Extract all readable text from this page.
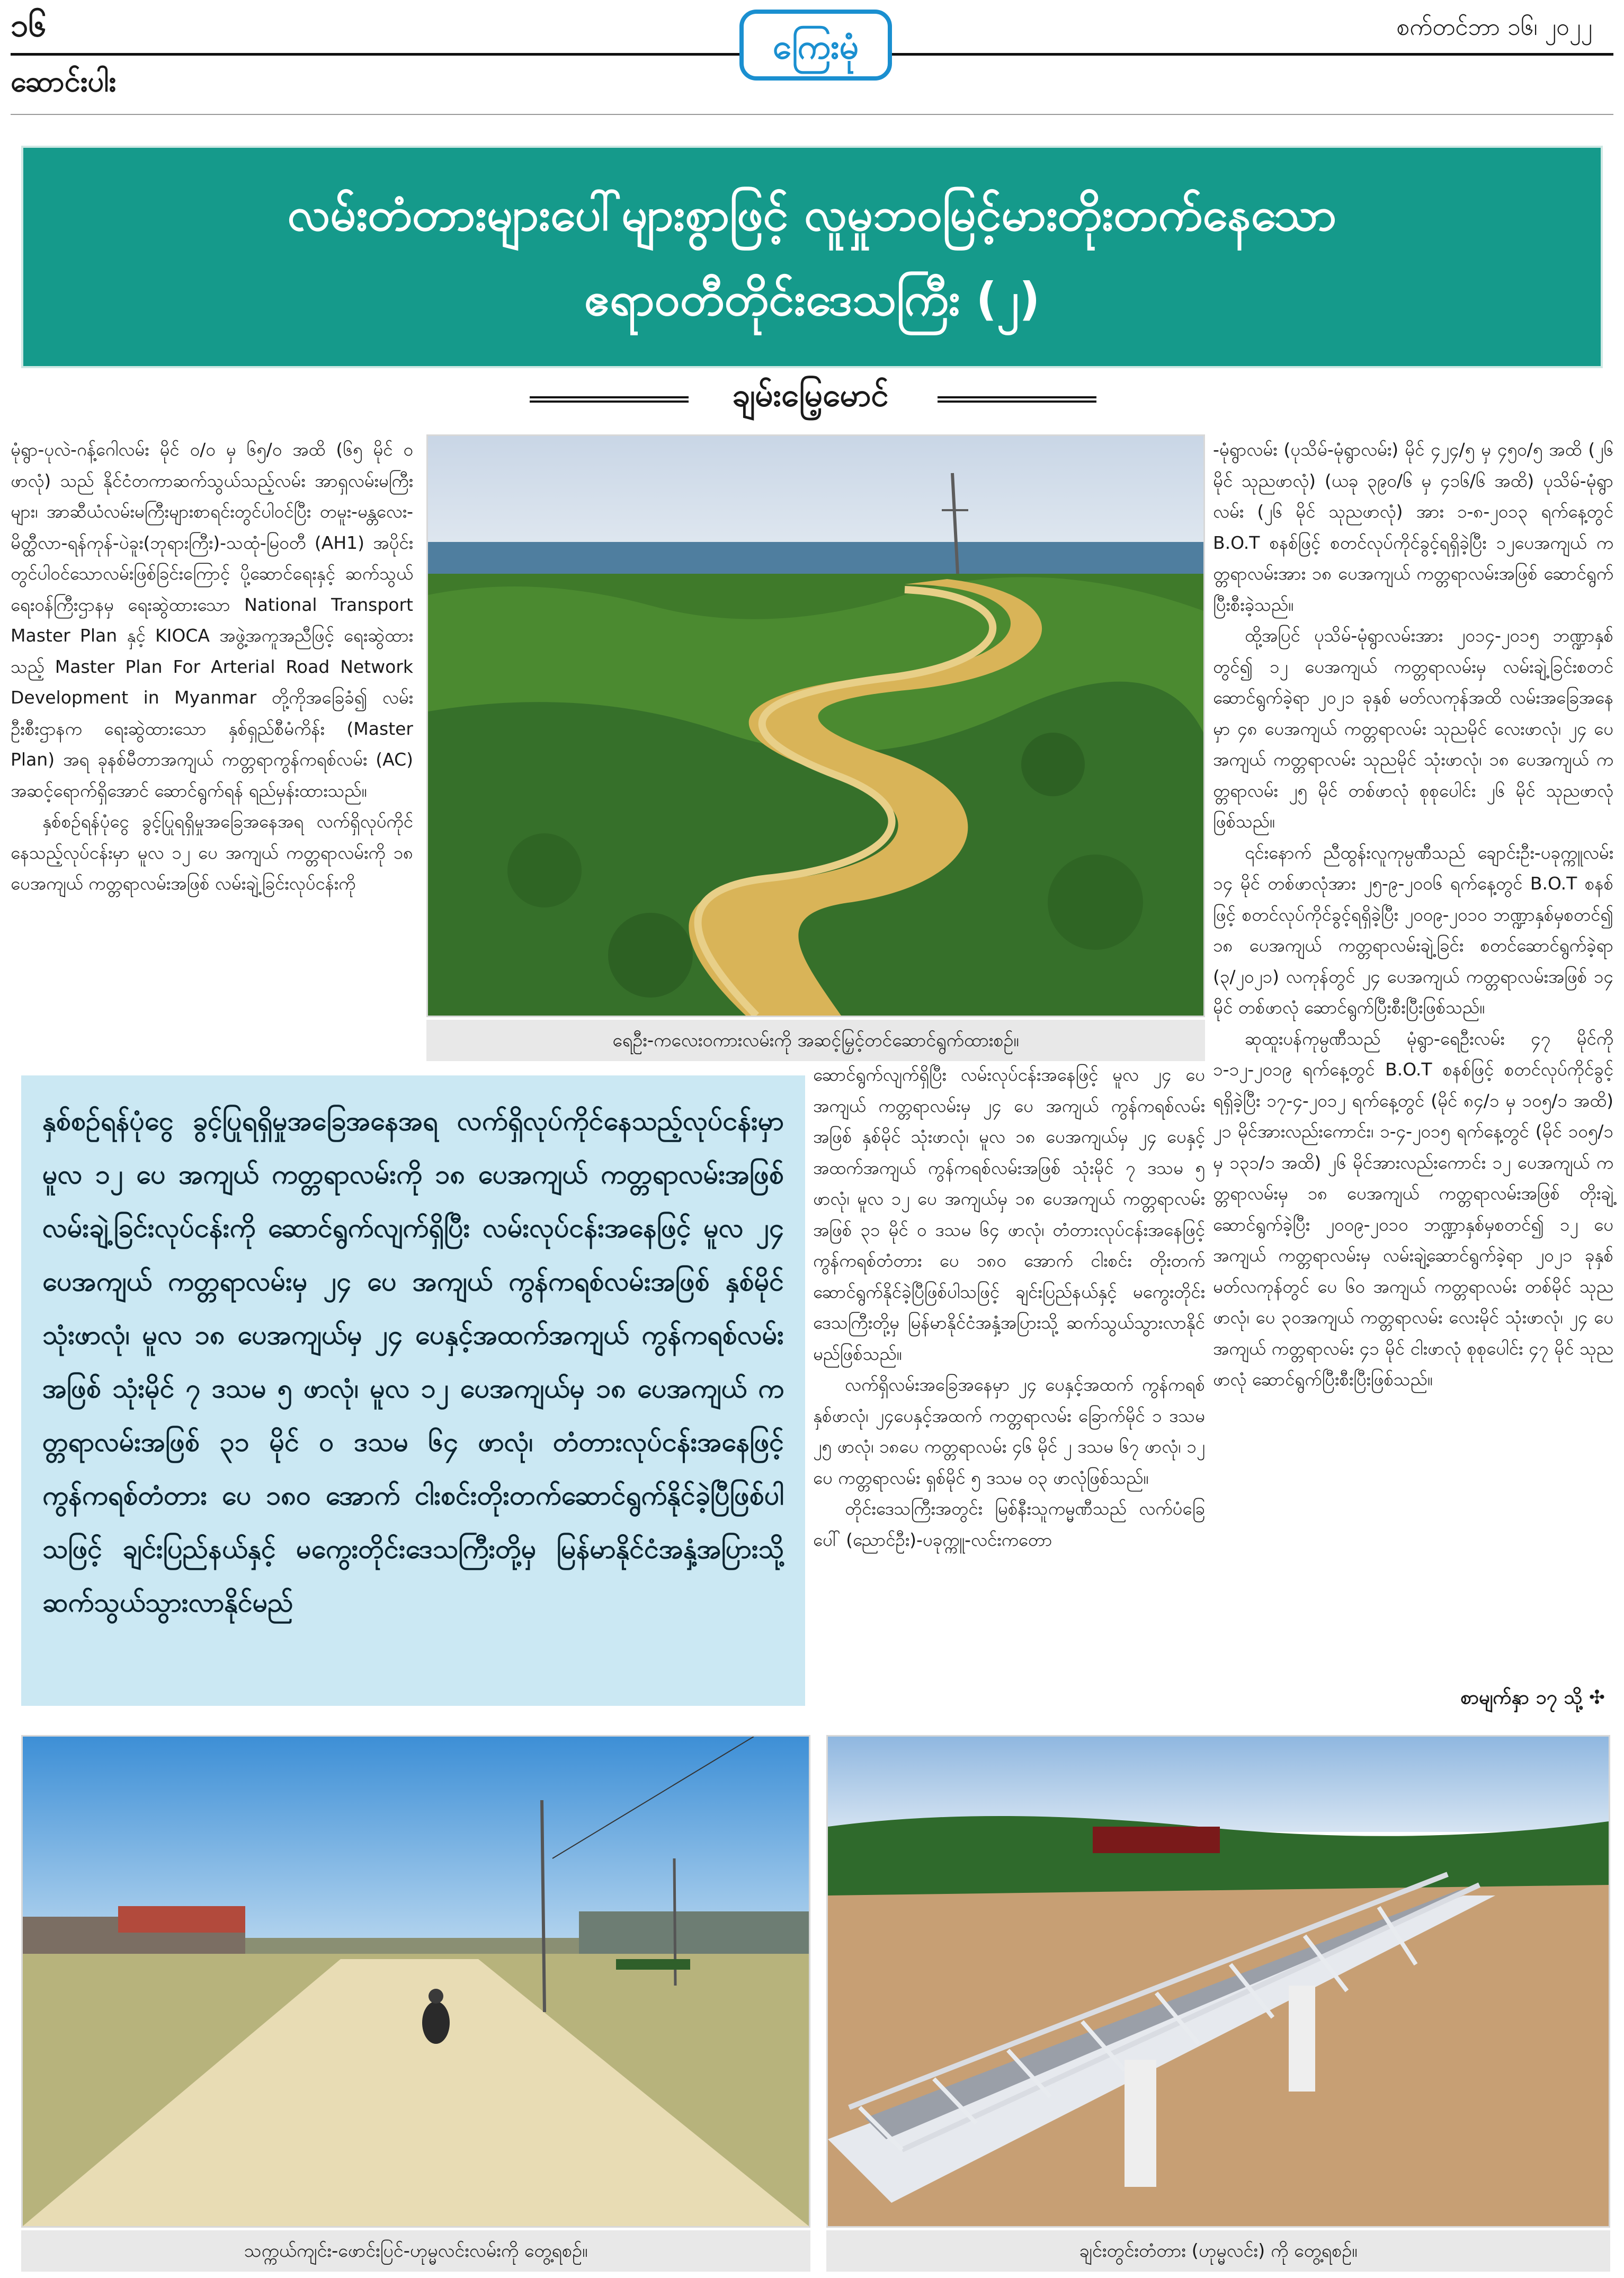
၁၆	စက်တင်ဘာ ၁၆၊ ၂၀၂၂
ကြေးမုံ
ဆောင်းပါး
လမ်းတံတားများပေါ်များစွာဖြင့် လူမှုဘဝမြင့်မားတိုးတက်နေသော
ဧရာဝတီတိုင်းဒေသကြီး (၂)
ချမ်းမြေ့မောင်

မုံရွာ-ပုလဲ-ဂန့်ဂေါလမ်း မိုင် ၀/၀ မှ ၆၅/၀ အထိ (၆၅ မိုင် ၀ ဖာလုံ) သည် နိုင်ငံတကာဆက်သွယ်သည့်လမ်း အာရှလမ်းမကြီးများ၊ အာဆီယံလမ်းမကြီးများစာရင်းတွင်ပါဝင်ပြီး တမူး-မန္တလေး-မိတ္ထီလာ-ရန်ကုန်-ပဲခူး(ဘုရားကြီး)-သထုံ-မြဝတီ (AH1) အပိုင်းတွင်ပါဝင်သောလမ်းဖြစ်ခြင်းကြောင့် ပို့ဆောင်ရေးနှင့် ဆက်သွယ်ရေးဝန်ကြီးဌာနမှ ရေးဆွဲထားသော National Transport Master Plan နှင့် KIOCA အဖွဲ့အကူအညီဖြင့် ရေးဆွဲထားသည့် Master Plan For Arterial Road Network Development in Myanmar တို့ကိုအခြေခံ၍ လမ်းဦးစီးဌာနက ရေးဆွဲထားသော နှစ်ရှည်စီမံကိန်း (Master Plan) အရ ခုနစ်မီတာအကျယ် ကတ္တရာကွန်ကရစ်လမ်း (AC) အဆင့်ရောက်ရှိအောင် ဆောင်ရွက်ရန် ရည်မှန်းထားသည်။

နှစ်စဉ်ရန်ပုံငွေ ခွင့်ပြုရရှိမှုအခြေအနေအရ လက်ရှိလုပ်ကိုင်နေသည့်လုပ်ငန်းမှာ မူလ ၁၂ ပေ အကျယ် ကတ္တရာလမ်းကို ၁၈ ပေအကျယ် ကတ္တရာလမ်းအဖြစ် လမ်းချဲ့ခြင်းလုပ်ငန်းကို

ရေဦး-ကလေးဝကားလမ်းကို အဆင့်မြှင့်တင်ဆောင်ရွက်ထားစဉ်။

နှစ်စဉ်ရန်ပုံငွေ ခွင့်ပြုရရှိမှုအခြေအနေအရ လက်ရှိလုပ်ကိုင်နေသည့်လုပ်ငန်းမှာ မူလ ၁၂ ပေ အကျယ် ကတ္တရာလမ်းကို ၁၈ ပေအကျယ် ကတ္တရာလမ်းအဖြစ် လမ်းချဲ့ခြင်းလုပ်ငန်းကို ဆောင်ရွက်လျက်ရှိပြီး လမ်းလုပ်ငန်းအနေဖြင့် မူလ ၂၄ ပေအကျယ် ကတ္တရာလမ်းမှ ၂၄ ပေ အကျယ် ကွန်ကရစ်လမ်းအဖြစ် နှစ်မိုင် သုံးဖာလုံ၊ မူလ ၁၈ ပေအကျယ်မှ ၂၄ ပေနှင့်အထက်အကျယ် ကွန်ကရစ်လမ်းအဖြစ် သုံးမိုင် ၇ ဒသမ ၅ ဖာလုံ၊ မူလ ၁၂ ပေအကျယ်မှ ၁၈ ပေအကျယ် ကတ္တရာလမ်းအဖြစ် ၃၁ မိုင် ၀ ဒသမ ၆၄ ဖာလုံ၊ တံတားလုပ်ငန်းအနေဖြင့် ကွန်ကရစ်တံတား ပေ ၁၈၀ အောက် ငါးစင်းတိုးတက်ဆောင်ရွက်နိုင်ခဲ့ပြီဖြစ်ပါသဖြင့် ချင်းပြည်နယ်နှင့် မကွေးတိုင်းဒေသကြီးတို့မှ မြန်မာနိုင်ငံအနှံ့အပြားသို့ ဆက်သွယ်သွားလာနိုင်မည်

ဆောင်ရွက်လျက်ရှိပြီး လမ်းလုပ်ငန်းအနေဖြင့် မူလ ၂၄ ပေအကျယ် ကတ္တရာလမ်းမှ ၂၄ ပေ အကျယ် ကွန်ကရစ်လမ်းအဖြစ် နှစ်မိုင် သုံးဖာလုံ၊ မူလ ၁၈ ပေအကျယ်မှ ၂၄ ပေနှင့်အထက်အကျယ် ကွန်ကရစ်လမ်းအဖြစ် သုံးမိုင် ၇ ဒသမ ၅ ဖာလုံ၊ မူလ ၁၂ ပေ အကျယ်မှ ၁၈ ပေအကျယ် ကတ္တရာလမ်းအဖြစ် ၃၁ မိုင် ၀ ဒသမ ၆၄ ဖာလုံ၊ တံတားလုပ်ငန်းအနေဖြင့် ကွန်ကရစ်တံတား ပေ ၁၈၀ အောက် ငါးစင်း တိုးတက်ဆောင်ရွက်နိုင်ခဲ့ပြီဖြစ်ပါသဖြင့် ချင်းပြည်နယ်နှင့် မကွေးတိုင်းဒေသကြီးတို့မှ မြန်မာနိုင်ငံအနှံ့အပြားသို့ ဆက်သွယ်သွားလာနိုင်မည်ဖြစ်သည်။

လက်ရှိလမ်းအခြေအနေမှာ ၂၄ ပေနှင့်အထက် ကွန်ကရစ် နှစ်ဖာလုံ၊ ၂၄ပေနှင့်အထက် ကတ္တရာလမ်း ခြောက်မိုင် ၁ ဒသမ ၂၅ ဖာလုံ၊ ၁၈ပေ ကတ္တရာလမ်း ၄၆ မိုင် ၂ ဒသမ ၆၇ ဖာလုံ၊ ၁၂ ပေ ကတ္တရာလမ်း ရှစ်မိုင် ၅ ဒသမ ၀၃ ဖာလုံဖြစ်သည်။

တိုင်းဒေသကြီးအတွင်း မြစ်နီးသူကမ္မဏီသည် လက်ပံခြေပေါ် (ညောင်ဦး)-ပခုက္ကူ-လင်းကတော

-မုံရွာလမ်း (ပုသိမ်-မုံရွာလမ်း) မိုင် ၄၂၄/၅ မှ ၄၅၀/၅ အထိ (၂၆ မိုင် သုညဖာလုံ) (ယခု ၃၉၀/၆ မှ ၄၁၆/၆ အထိ) ပုသိမ်-မုံရွာလမ်း (၂၆ မိုင် သုညဖာလုံ) အား ၁-၈-၂၀၁၃ ရက်နေ့တွင် B.O.T စနစ်ဖြင့် စတင်လုပ်ကိုင်ခွင့်ရရှိခဲ့ပြီး ၁၂ပေအကျယ် ကတ္တရာလမ်းအား ၁၈ ပေအကျယ် ကတ္တရာလမ်းအဖြစ် ဆောင်ရွက်ပြီးစီးခဲ့သည်။

ထို့အပြင် ပုသိမ်-မုံရွာလမ်းအား ၂၀၁၄-၂၀၁၅ ဘဏ္ဍာနှစ်တွင်၍ ၁၂ ပေအကျယ် ကတ္တရာလမ်းမှ လမ်းချဲ့ခြင်းစတင်ဆောင်ရွက်ခဲ့ရာ ၂၀၂၁ ခုနှစ် မတ်လကုန်အထိ လမ်းအခြေအနေမှာ ၄၈ ပေအကျယ် ကတ္တရာလမ်း သုညမိုင် လေးဖာလုံ၊ ၂၄ ပေအကျယ် ကတ္တရာလမ်း သုညမိုင် သုံးဖာလုံ၊ ၁၈ ပေအကျယ် ကတ္တရာလမ်း ၂၅ မိုင် တစ်ဖာလုံ စုစုပေါင်း ၂၆ မိုင် သုညဖာလုံဖြစ်သည်။

၎င်းနောက် ညီထွန်းလူကုမ္ပဏီသည် ချောင်းဦး-ပခုက္ကူလမ်း ၁၄ မိုင် တစ်ဖာလုံအား ၂၅-၉-၂၀၀၆ ရက်နေ့တွင် B.O.T စနစ်ဖြင့် စတင်လုပ်ကိုင်ခွင့်ရရှိခဲ့ပြီး ၂၀၀၉-၂၀၁၀ ဘဏ္ဍာနှစ်မှစတင်၍ ၁၈ ပေအကျယ် ကတ္တရာလမ်းချဲ့ခြင်း စတင်ဆောင်ရွက်ခဲ့ရာ (၃/၂၀၂၁) လကုန်တွင် ၂၄ ပေအကျယ် ကတ္တရာလမ်းအဖြစ် ၁၄ မိုင် တစ်ဖာလုံ ဆောင်ရွက်ပြီးစီးပြီးဖြစ်သည်။

ဆုထူးပန်ကုမ္ပဏီသည် မုံရွာ-ရေဦးလမ်း ၄၇ မိုင်ကို ၁-၁၂-၂၀၁၉ ရက်နေ့တွင် B.O.T စနစ်ဖြင့် စတင်လုပ်ကိုင်ခွင့်ရရှိခဲ့ပြီး ၁၇-၄-၂၀၁၂ ရက်နေ့တွင် (မိုင် ၈၄/၁ မှ ၁၀၅/၁ အထိ) ၂၁ မိုင်အားလည်းကောင်း၊ ၁-၄-၂၀၁၅ ရက်နေ့တွင် (မိုင် ၁၀၅/၁ မှ ၁၃၁/၁ အထိ) ၂၆ မိုင်အားလည်းကောင်း ၁၂ ပေအကျယ် ကတ္တရာလမ်းမှ ၁၈ ပေအကျယ် ကတ္တရာလမ်းအဖြစ် တိုးချဲ့ဆောင်ရွက်ခဲ့ပြီး ၂၀၀၉-၂၀၁၀ ဘဏ္ဍာနှစ်မှစတင်၍ ၁၂ ပေအကျယ် ကတ္တရာလမ်းမှ လမ်းချဲ့ဆောင်ရွက်ခဲ့ရာ ၂၀၂၁ ခုနှစ် မတ်လကုန်တွင် ပေ ၆၀ အကျယ် ကတ္တရာလမ်း တစ်မိုင် သုညဖာလုံ၊ ပေ ၃၀အကျယ် ကတ္တရာလမ်း လေးမိုင် သုံးဖာလုံ၊ ၂၄ ပေအကျယ် ကတ္တရာလမ်း ၄၁ မိုင် ငါးဖာလုံ စုစုပေါင်း ၄၇ မိုင် သုညဖာလုံ ဆောင်ရွက်ပြီးစီးပြီးဖြစ်သည်။

စာမျက်နှာ ၁၇ သို့ ✣
သက္ကယ်ကျင်း-ဖောင်းပြင်-ဟုမ္မလင်းလမ်းကို တွေ့ရစဉ်။	ချင်းတွင်းတံတား (ဟုမ္မလင်း) ကို တွေ့ရစဉ်။
